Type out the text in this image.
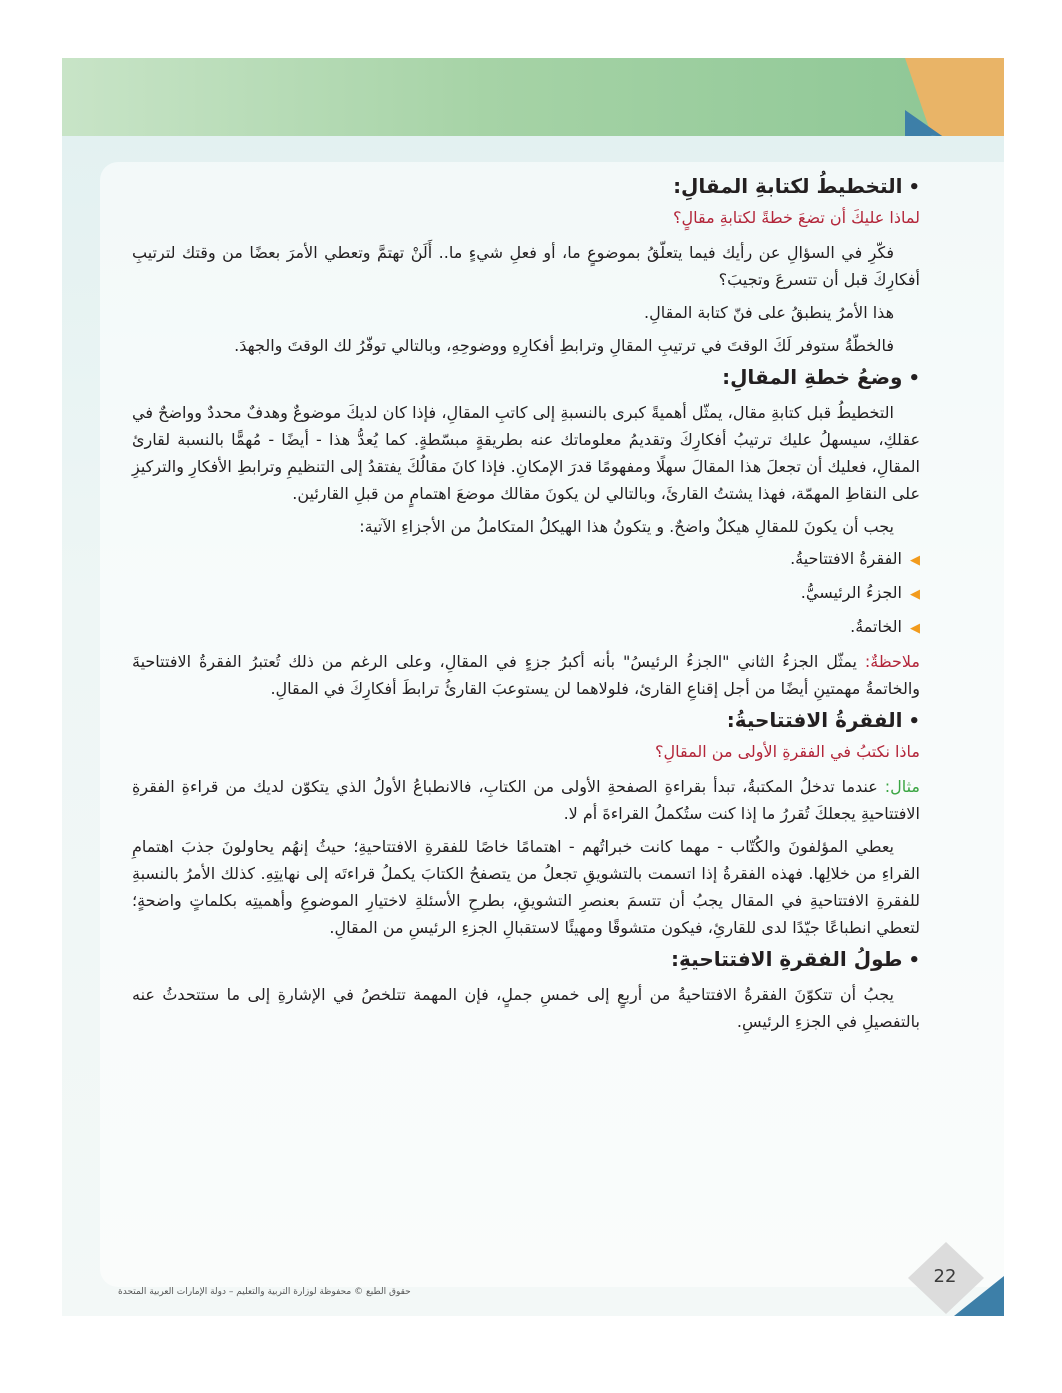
•التخطيطُ لكتابةِ المقالِ:
لماذا عليكَ أن تضعَ خطةً لكتابةِ مقالٍ؟

فكّرِ في السؤالِ عن رأيك فيما يتعلّقُ بموضوعٍ ما، أو فعلِ شيءٍ ما.. أَلَنْ تهتمَّ وتعطي الأمرَ بعضًا من وقتك لترتيبِ أفكارِكَ قبل أن تتسرعَ وتجيبَ؟

هذا الأمرُ ينطبقُ على فنّ كتابة المقالِ.

فالخطّةُ ستوفر لَكَ الوقتَ في ترتيبِ المقالِ وترابطِ أفكارِهِ ووضوحِهِ، وبالتالي توفّرُ لك الوقتَ والجهدَ.

•وضعُ خطةِ المقالِ:

التخطيطُ قبل كتابةِ مقال، يمثّل أهميةً كبرى بالنسبةِ إلى كاتبِ المقالِ، فإذا كان لديكَ موضوعٌ وهدفٌ محددٌ وواضحٌ في عقلكِ، سيسهلُ عليك ترتيبُ أفكارِكَ وتقديمُ معلوماتك عنه بطريقةٍ مبسّطةٍ. كما يُعدُّ هذا - أيضًا - مُهمًّا بالنسبة لقارئ المقالِ، فعليك أن تجعلَ هذا المقالَ سهلًا ومفهومًا قدرَ الإمكانِ. فإذا كانَ مقالُكَ يفتقدُ إلى التنظيمِ وترابطِ الأفكارِ والتركيزِ على النقاطِ المهمّة، فهذا يشتتُ القارئَ، وبالتالي لن يكونَ مقالك موضعَ اهتمامٍ من قبلِ القارئين.

يجب أن يكونَ للمقالِ هيكلٌ واضحٌ. و يتكونُ هذا الهيكلُ المتكاملُ من الأجزاءِ الآتية:

◀الفقرةُ الافتتاحيةُ.
◀الجزءُ الرئيسيُّ.
◀الخاتمةُ.

ملاحظةٌ: يمثّل الجزءُ الثاني "الجزءُ الرئيسُ" بأنه أكبرُ جزءٍ في المقالِ، وعلى الرغم من ذلك تُعتبرُ الفقرةُ الافتتاحيةَ والخاتمةُ مهمتينِ أيضًا من أجل إقناعِ القارئ، فلولاهما لن يستوعبَ القارئُ ترابطَ أفكارِكَ في المقالِ.

•الفقرةُ الافتتاحيةُ:
ماذا نكتبُ في الفقرةِ الأولى من المقالِ؟

مثال: عندما تدخلُ المكتبةُ، تبدأ بقراءةِ الصفحةِ الأولى من الكتابِ، فالانطباعُ الأولُ الذي يتكوّن لديك من قراءةِ الفقرةِ الافتتاحيةِ يجعلكَ تُقررُ ما إذا كنت ستُكملُ القراءةَ أم لا.

يعطي المؤلفونَ والكُتّاب - مهما كانت خبراتُهم - اهتمامًا خاصًا للفقرةِ الافتتاحيةِ؛ حيثُ إنهُم يحاولونَ جذبَ اهتمامِ القراءِ من خلالِها. فهذه الفقرةُ إذا اتسمت بالتشويقِ تجعلُ من يتصفحُ الكتابَ يكملُ قراءتَه إلى نهايتِهِ. كذلك الأمرُ بالنسبةِ للفقرةِ الافتتاحيةِ في المقال يجبُ أن تتسمَ بعنصرِ التشويقِ، بطرحِ الأسئلةِ لاختيارِ الموضوعِ وأهميتِه بكلماتٍ واضحةٍ؛ لتعطي انطباعًا جيّدًا لدى للقارئِ، فيكون متشوقًا ومهيئًا لاستقبالِ الجزءِ الرئيسِ من المقالِ.

•طولُ الفقرةِ الافتتاحيةِ:

يجبُ أن تتكوّنَ الفقرةُ الافتتاحيةُ من أربعٍ إلى خمسِ جملٍ، فإن المهمة تتلخصُ في الإشارةِ إلى ما ستتحدثُ عنه بالتفصيلِ في الجزءِ الرئيسِ.

22
حقوق الطبع © محفوظة لوزارة التربية والتعليم – دولة الإمارات العربية المتحدة
